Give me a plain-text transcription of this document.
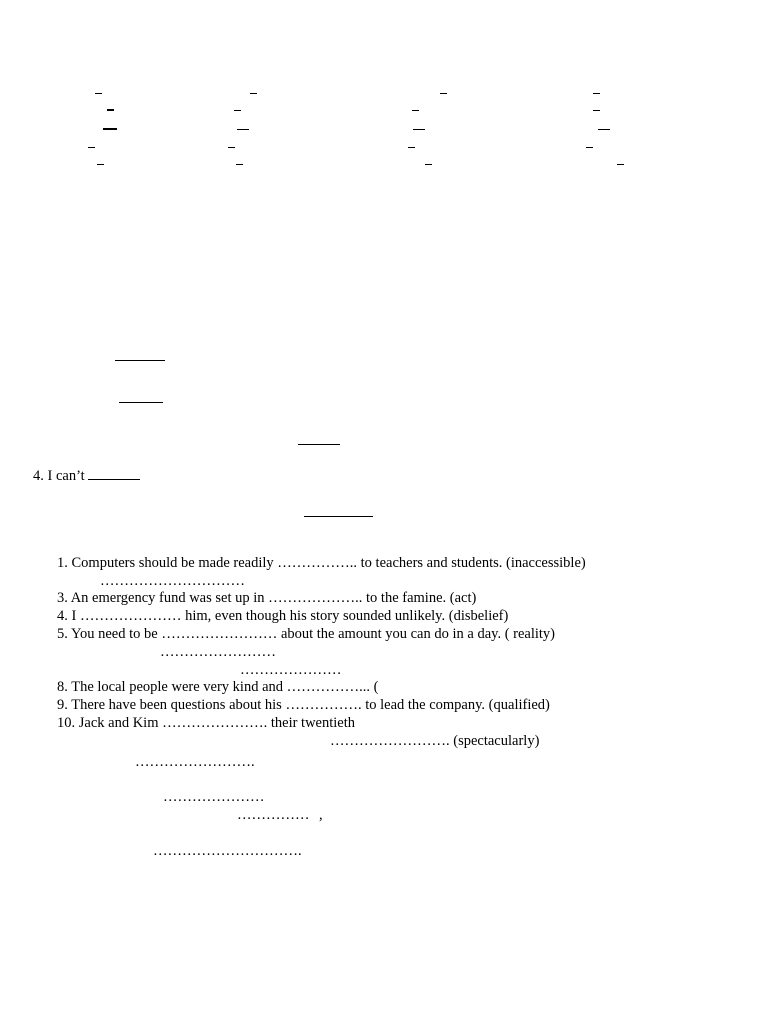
4. I can’t
1. Computers should be made readily …………….. to teachers and students. (inaccessible)
…………………………
3. An emergency fund was set up in ……………….. to the famine. (act)
4. I ………………… him, even though his story sounded unlikely. (disbelief)
5. You need to be …………………… about the amount you can do in a day. ( reality)
……………………
…………………
8. The local people were very kind and ……………... (
9. There have been questions about his ……………. to lead the company. (qualified)
10. Jack and Kim …………………. their twentieth
……………………. (spectacularly)
…………………….
…………………
…………… ,
………………………….
